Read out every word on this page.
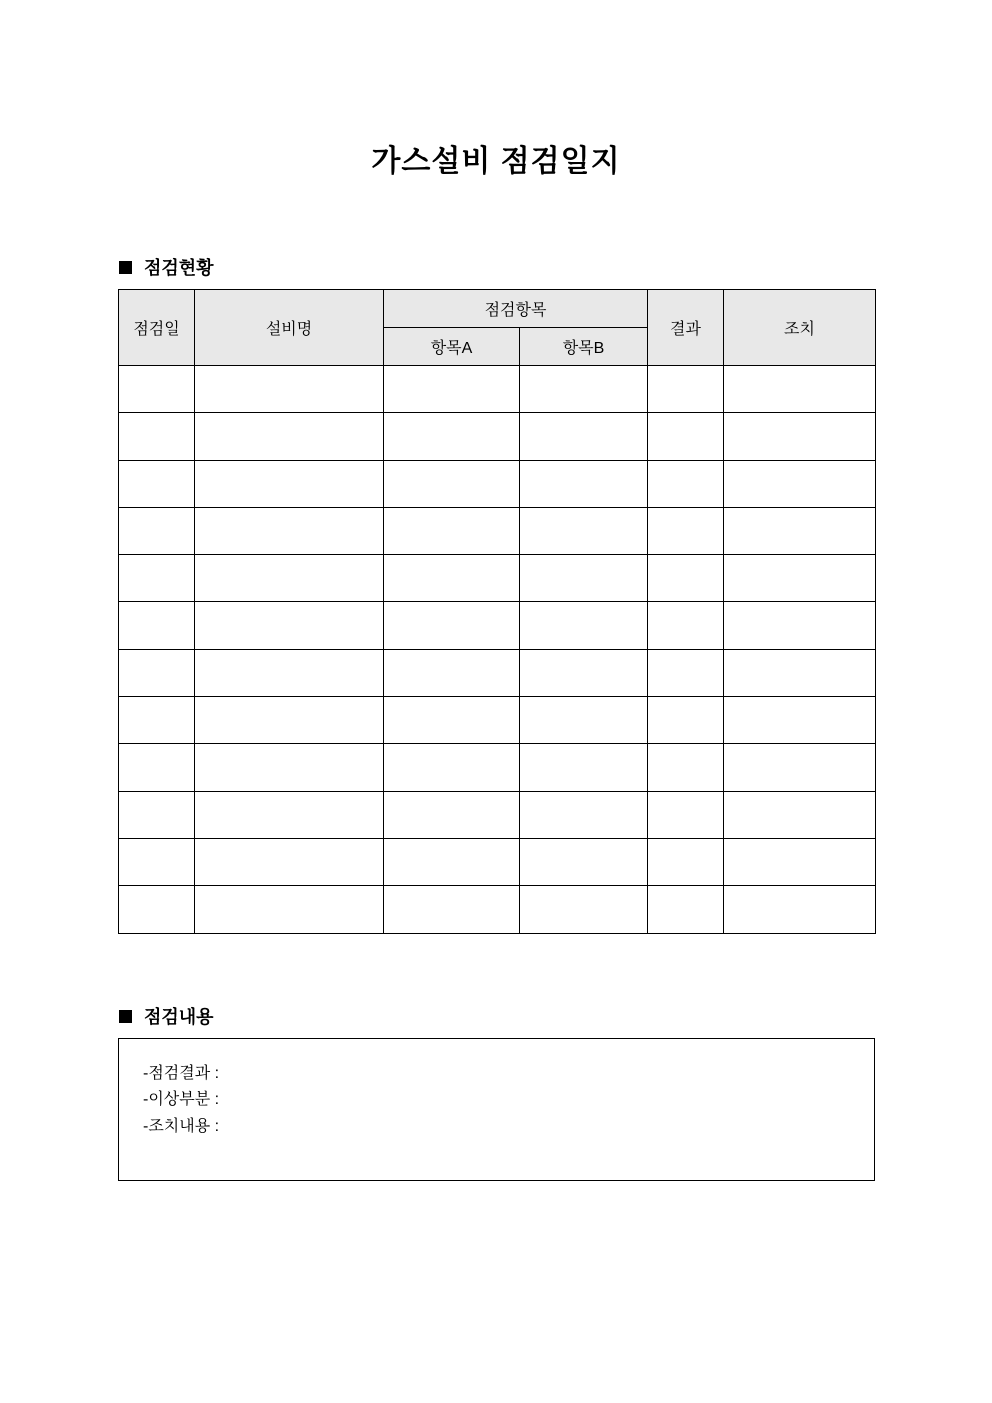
가스설비 점검일지
점검현황
점검일	설비명	점검항목		결과	조치
		항목A	항목B		

점검내용
-점검결과 :
-이상부분 :
-조치내용 :
